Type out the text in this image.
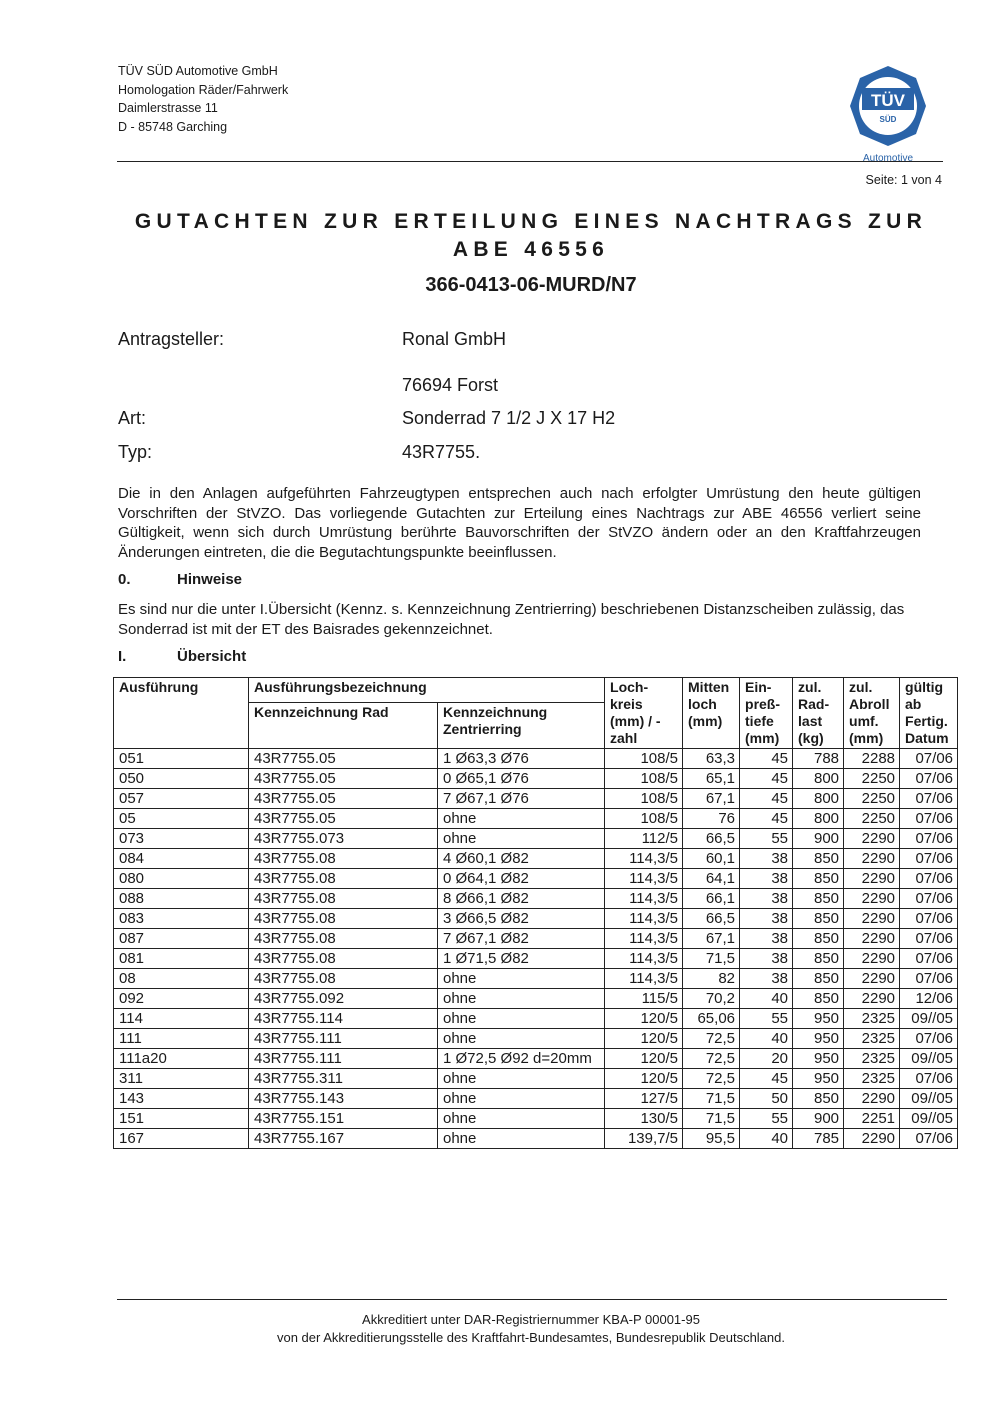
TÜV SÜD Automotive GmbH
Homologation Räder/Fahrwerk
Daimlerstrasse 11
D - 85748 Garching
TÜV
SÜD
Automotive
Seite: 1 von 4
GUTACHTEN ZUR ERTEILUNG EINES NACHTRAGS ZUR
ABE 46556
366-0413-06-MURD/N7
Antragsteller:	Ronal GmbH
76694 Forst
Art:	Sonderrad 7 1/2 J X 17 H2
Typ:	43R7755.
Die in den Anlagen aufgeführten Fahrzeugtypen entsprechen auch nach erfolgter Umrüstung den heute gültigen Vorschriften der StVZO. Das vorliegende Gutachten zur Erteilung eines Nachtrags zur ABE 46556 verliert seine Gültigkeit, wenn sich durch Umrüstung berührte Bauvorschriften der StVZO ändern oder an den Kraftfahrzeugen Änderungen eintreten, die die Begutachtungspunkte beeinflussen.
0.	Hinweise
Es sind nur die unter I.Übersicht (Kennz. s. Kennzeichnung Zentrierring) beschriebenen Distanzscheiben zulässig, das Sonderrad ist mit der ET des Baisrades gekennzeichnet.
I.	Übersicht
Ausführung	Ausführungsbezeichnung		Loch-kreis (mm) / -zahl	Mitten loch (mm)	Ein-preß-tiefe (mm)	zul. Rad-last (kg)	zul. Abroll umf. (mm)	gültig ab Fertig. Datum
	Kennzeichnung Rad	Kennzeichnung Zentrierring						
051	43R7755.05	1 Ø63,3 Ø76	108/5	63,3	45	788	2288	07/06
050	43R7755.05	0 Ø65,1 Ø76	108/5	65,1	45	800	2250	07/06
057	43R7755.05	7 Ø67,1 Ø76	108/5	67,1	45	800	2250	07/06
05	43R7755.05	ohne	108/5	76	45	800	2250	07/06
073	43R7755.073	ohne	112/5	66,5	55	900	2290	07/06
084	43R7755.08	4 Ø60,1 Ø82	114,3/5	60,1	38	850	2290	07/06
080	43R7755.08	0 Ø64,1 Ø82	114,3/5	64,1	38	850	2290	07/06
088	43R7755.08	8 Ø66,1 Ø82	114,3/5	66,1	38	850	2290	07/06
083	43R7755.08	3 Ø66,5 Ø82	114,3/5	66,5	38	850	2290	07/06
087	43R7755.08	7 Ø67,1 Ø82	114,3/5	67,1	38	850	2290	07/06
081	43R7755.08	1 Ø71,5 Ø82	114,3/5	71,5	38	850	2290	07/06
08	43R7755.08	ohne	114,3/5	82	38	850	2290	07/06
092	43R7755.092	ohne	115/5	70,2	40	850	2290	12/06
114	43R7755.114	ohne	120/5	65,06	55	950	2325	09//05
111	43R7755.111	ohne	120/5	72,5	40	950	2325	07/06
111a20	43R7755.111	1 Ø72,5 Ø92 d=20mm	120/5	72,5	20	950	2325	09//05
311	43R7755.311	ohne	120/5	72,5	45	950	2325	07/06
143	43R7755.143	ohne	127/5	71,5	50	850	2290	09//05
151	43R7755.151	ohne	130/5	71,5	55	900	2251	09//05
167	43R7755.167	ohne	139,7/5	95,5	40	785	2290	07/06
Akkreditiert unter DAR-Registriernummer KBA-P 00001-95
von der Akkreditierungsstelle des Kraftfahrt-Bundesamtes, Bundesrepublik Deutschland.
